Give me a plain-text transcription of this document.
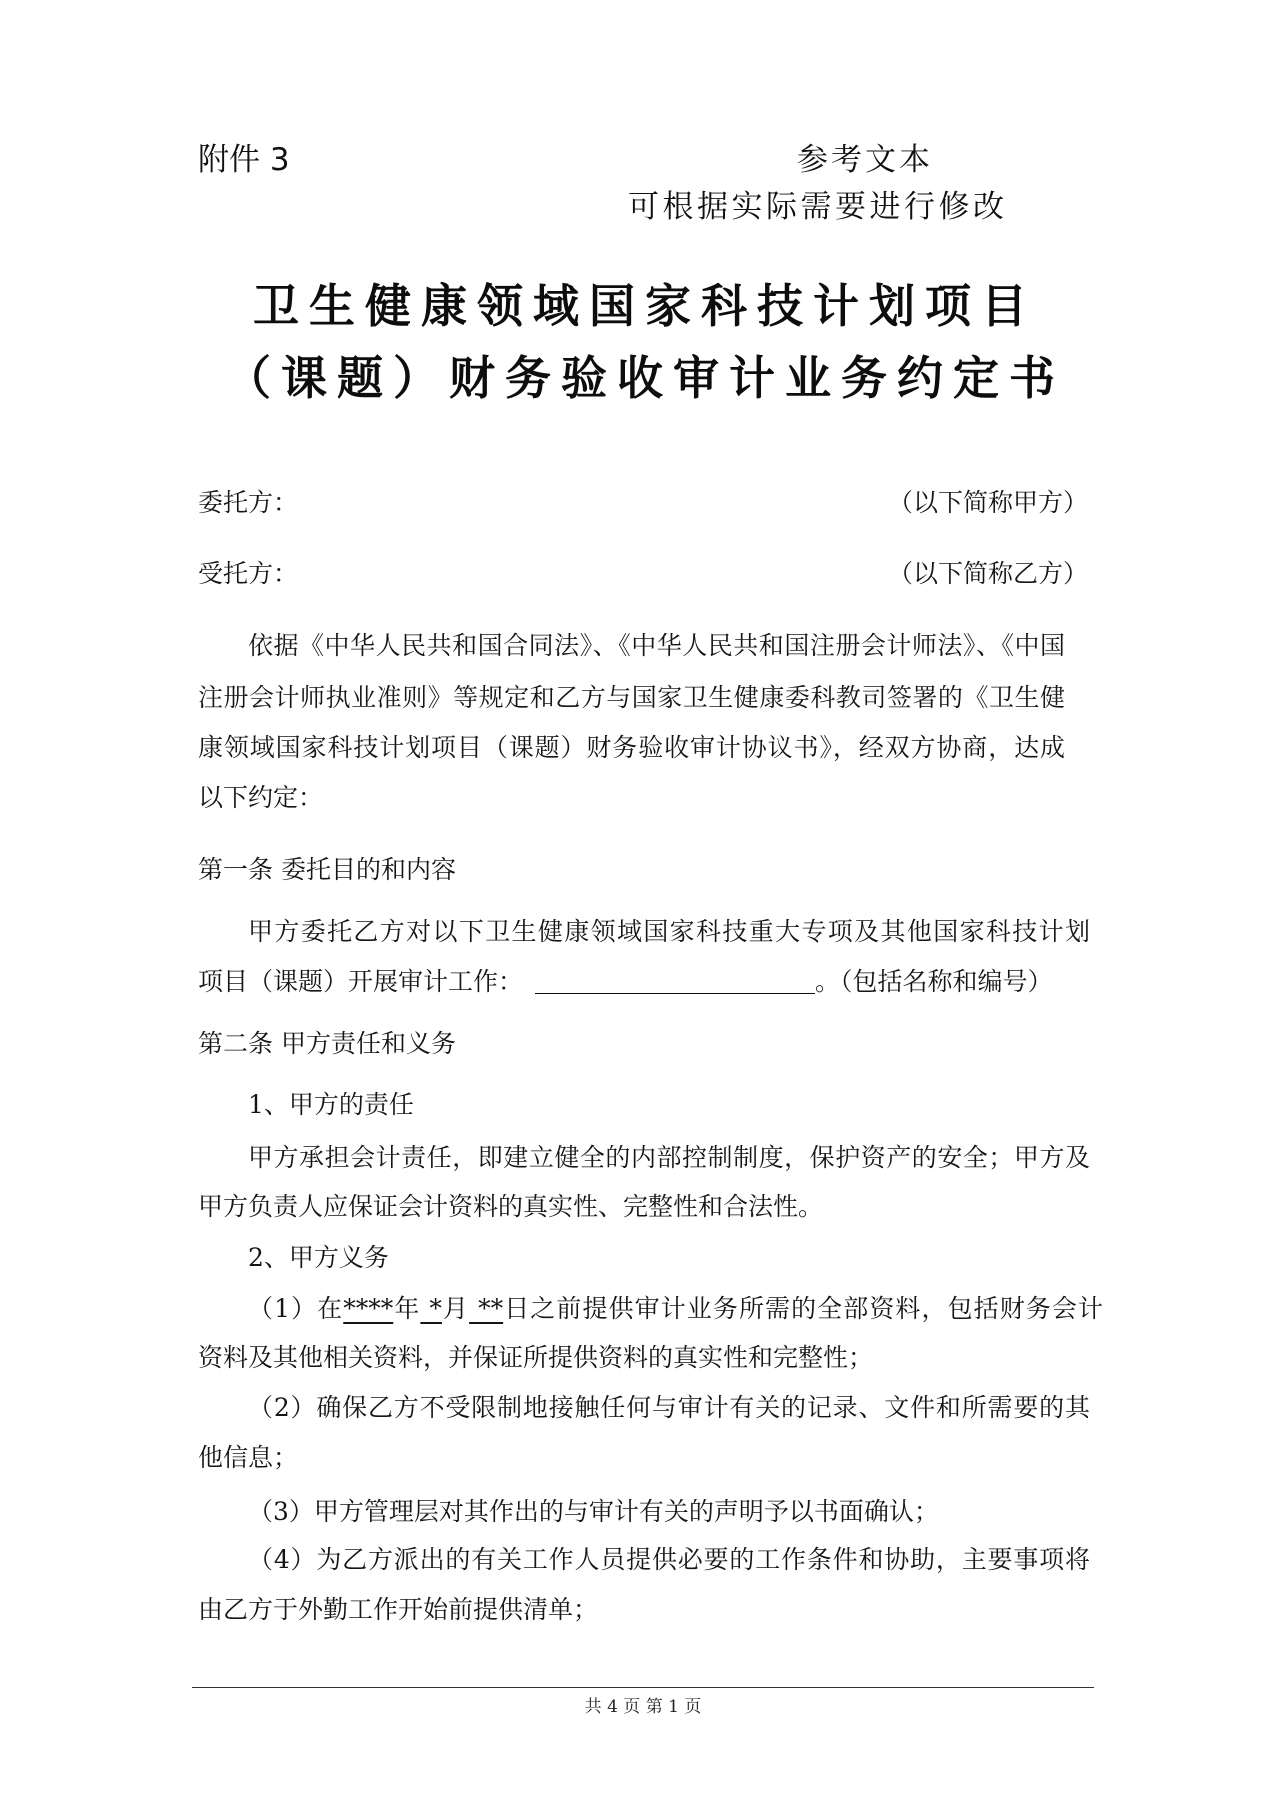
附件 3	参考文本
可根据实际需要进行修改
卫生健康领域国家科技计划项目
（课题）财务验收审计业务约定书
委托方：	（以下简称甲方）
受托方：	（以下简称乙方）
依据《中华人民共和国合同法》、《中华人民共和国注册会计师法》、《中国
注册会计师执业准则》等规定和乙方与国家卫生健康委科教司签署的《卫生健
康领域国家科技计划项目（课题）财务验收审计协议书》，经双方协商，达成
以下约定：
第一条 委托目的和内容
甲方委托乙方对以下卫生健康领域国家科技重大专项及其他国家科技计划
项目（课题）开展审计工作：	。（包括名称和编号）
第二条 甲方责任和义务
1、甲方的责任
甲方承担会计责任，即建立健全的内部控制制度，保护资产的安全；甲方及
甲方负责人应保证会计资料的真实性、完整性和合法性。
2、甲方义务
（1）在****年 *月 **日之前提供审计业务所需的全部资料，包括财务会计
资料及其他相关资料，并保证所提供资料的真实性和完整性；
（2）确保乙方不受限制地接触任何与审计有关的记录、文件和所需要的其
他信息；
（3）甲方管理层对其作出的与审计有关的声明予以书面确认；
（4）为乙方派出的有关工作人员提供必要的工作条件和协助，主要事项将
由乙方于外勤工作开始前提供清单；
共 4 页 第 1 页
